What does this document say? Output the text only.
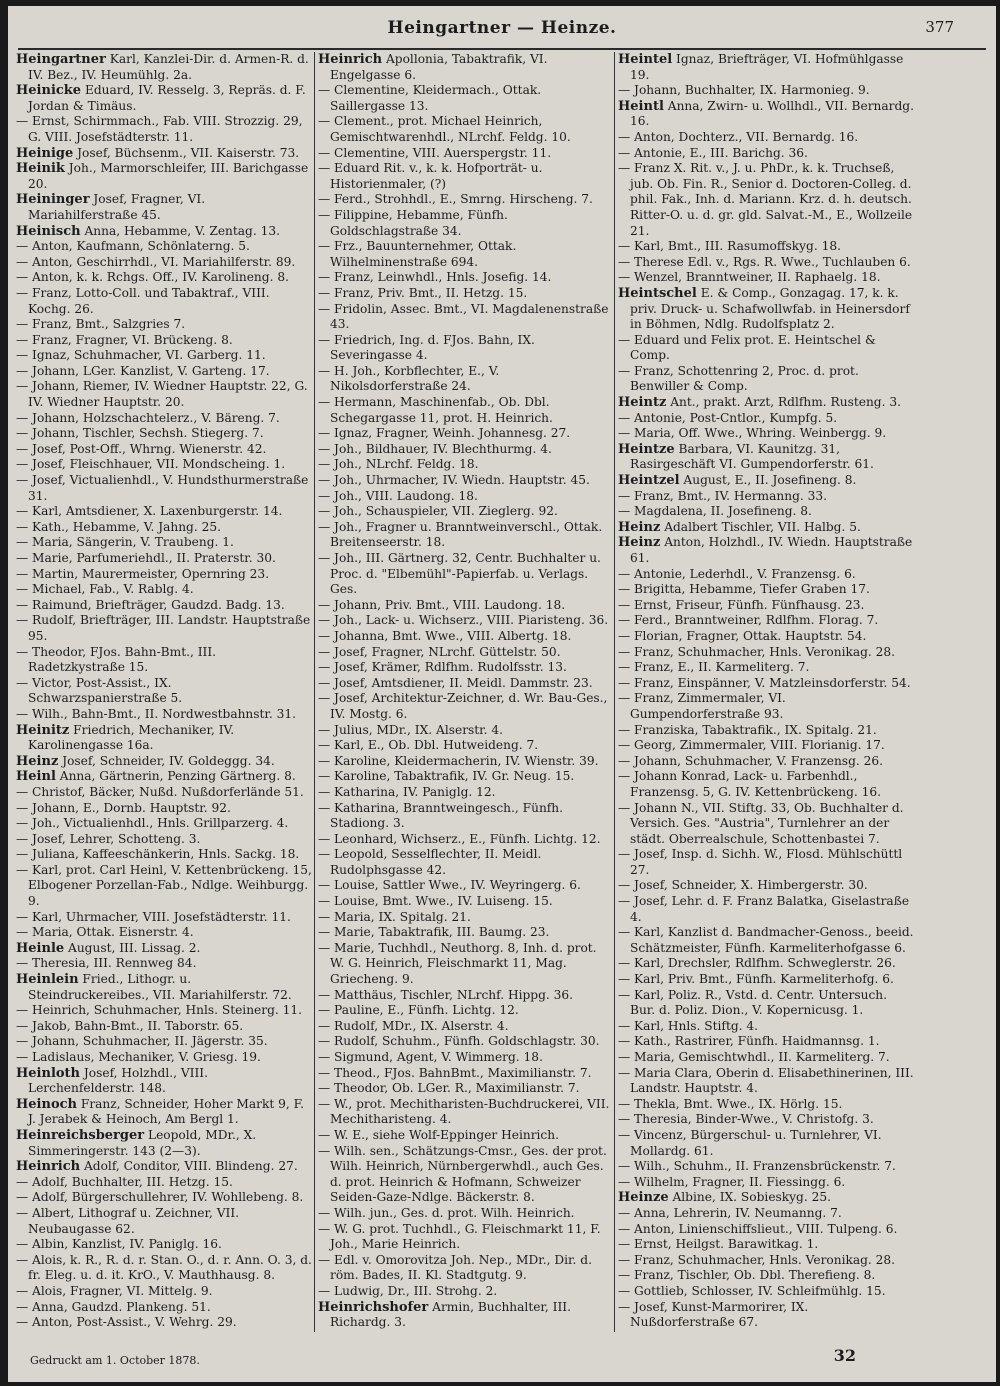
Heingartner — Heinze.	377

Heingartner Karl, Kanzlei-Dir. d. Armen-R. d. IV. Bez., IV. Heumühlg. 2a.

Heinicke Eduard, IV. Resselg. 3, Repräs. d. F. Jordan & Timäus.

— Ernst, Schirmmach., Fab. VIII. Strozzig. 29, G. VIII. Josefstädterstr. 11.

Heinige Josef, Büchsenm., VII. Kaiserstr. 73.

Heinik Joh., Marmorschleifer, III. Barichgasse 20.

Heininger Josef, Fragner, VI. Mariahilferstraße 45.

Heinisch Anna, Hebamme, V. Zentag. 13.

— Anton, Kaufmann, Schönlaterng. 5.

— Anton, Geschirrhdl., VI. Mariahilferstr. 89.

— Anton, k. k. Rchgs. Off., IV. Karolineng. 8.

— Franz, Lotto-Coll. und Tabaktraf., VIII. Kochg. 26.

— Franz, Bmt., Salzgries 7.

— Franz, Fragner, VI. Brückeng. 8.

— Ignaz, Schuhmacher, VI. Garberg. 11.

— Johann, LGer. Kanzlist, V. Garteng. 17.

— Johann, Riemer, IV. Wiedner Hauptstr. 22, G. IV. Wiedner Hauptstr. 20.

— Johann, Holzschachtelerz., V. Bäreng. 7.

— Johann, Tischler, Sechsh. Stiegerg. 7.

— Josef, Post-Off., Whrng. Wienerstr. 42.

— Josef, Fleischhauer, VII. Mondscheing. 1.

— Josef, Victualienhdl., V. Hundsthurmerstraße 31.

— Karl, Amtsdiener, X. Laxenburgerstr. 14.

— Kath., Hebamme, V. Jahng. 25.

— Maria, Sängerin, V. Traubeng. 1.

— Marie, Parfumeriehdl., II. Praterstr. 30.

— Martin, Maurermeister, Opernring 23.

— Michael, Fab., V. Rablg. 4.

— Raimund, Briefträger, Gaudzd. Badg. 13.

— Rudolf, Briefträger, III. Landstr. Hauptstraße 95.

— Theodor, FJos. Bahn-Bmt., III. Radetzkystraße 15.

— Victor, Post-Assist., IX. Schwarzspanierstraße 5.

— Wilh., Bahn-Bmt., II. Nordwestbahnstr. 31.

Heinitz Friedrich, Mechaniker, IV. Karolinengasse 16a.

Heinz Josef, Schneider, IV. Goldeggg. 34.

Heinl Anna, Gärtnerin, Penzing Gärtnerg. 8.

— Christof, Bäcker, Nußd. Nußdorferlände 51.

— Johann, E., Dornb. Hauptstr. 92.

— Joh., Victualienhdl., Hnls. Grillparzerg. 4.

— Josef, Lehrer, Schotteng. 3.

— Juliana, Kaffeeschänkerin, Hnls. Sackg. 18.

— Karl, prot. Carl Heinl, V. Kettenbrückeng. 15, Elbogener Porzellan-Fab., Ndlge. Weihburgg. 9.

— Karl, Uhrmacher, VIII. Josefstädterstr. 11.

— Maria, Ottak. Eisnerstr. 4.

Heinle August, III. Lissag. 2.

— Theresia, III. Rennweg 84.

Heinlein Fried., Lithogr. u. Steindruckereibes., VII. Mariahilferstr. 72.

— Heinrich, Schuhmacher, Hnls. Steinerg. 11.

— Jakob, Bahn-Bmt., II. Taborstr. 65.

— Johann, Schuhmacher, II. Jägerstr. 35.

— Ladislaus, Mechaniker, V. Griesg. 19.

Heinloth Josef, Holzhdl., VIII. Lerchenfelderstr. 148.

Heinoch Franz, Schneider, Hoher Markt 9, F. J. Jerabek & Heinoch, Am Bergl 1.

Heinreichsberger Leopold, MDr., X. Simmeringerstr. 143 (2—3).

Heinrich Adolf, Conditor, VIII. Blindeng. 27.

— Adolf, Buchhalter, III. Hetzg. 15.

— Adolf, Bürgerschullehrer, IV. Wohllebeng. 8.

— Albert, Lithograf u. Zeichner, VII. Neubaugasse 62.

— Albin, Kanzlist, IV. Paniglg. 16.

— Alois, k. R., R. d. r. Stan. O., d. r. Ann. O. 3, d. fr. Eleg. u. d. it. KrO., V. Mauthhausg. 8.

— Alois, Fragner, VI. Mittelg. 9.

— Anna, Gaudzd. Plankeng. 51.

— Anton, Post-Assist., V. Wehrg. 29.

Heinrich Apollonia, Tabaktrafik, VI. Engelgasse 6.

— Clementine, Kleidermach., Ottak. Saillergasse 13.

— Clement., prot. Michael Heinrich, Gemischtwarenhdl., NLrchf. Feldg. 10.

— Clementine, VIII. Auerspergstr. 11.

— Eduard Rit. v., k. k. Hofporträt- u. Historienmaler, (?)

— Ferd., Strohhdl., E., Smrng. Hirscheng. 7.

— Filippine, Hebamme, Fünfh. Goldschlagstraße 34.

— Frz., Bauunternehmer, Ottak. Wilhelminenstraße 694.

— Franz, Leinwhdl., Hnls. Josefig. 14.

— Franz, Priv. Bmt., II. Hetzg. 15.

— Fridolin, Assec. Bmt., VI. Magdalenenstraße 43.

— Friedrich, Ing. d. FJos. Bahn, IX. Severingasse 4.

— H. Joh., Korbflechter, E., V. Nikolsdorferstraße 24.

— Hermann, Maschinenfab., Ob. Dbl. Schegargasse 11, prot. H. Heinrich.

— Ignaz, Fragner, Weinh. Johannesg. 27.

— Joh., Bildhauer, IV. Blechthurmg. 4.

— Joh., NLrchf. Feldg. 18.

— Joh., Uhrmacher, IV. Wiedn. Hauptstr. 45.

— Joh., VIII. Laudong. 18.

— Joh., Schauspieler, VII. Zieglerg. 92.

— Joh., Fragner u. Branntweinverschl., Ottak. Breitenseerstr. 18.

— Joh., III. Gärtnerg. 32, Centr. Buchhalter u. Proc. d. "Elbemühl"-Papierfab. u. Verlags. Ges.

— Johann, Priv. Bmt., VIII. Laudong. 18.

— Joh., Lack- u. Wichserz., VIII. Piaristeng. 36.

— Johanna, Bmt. Wwe., VIII. Albertg. 18.

— Josef, Fragner, NLrchf. Güttelstr. 50.

— Josef, Krämer, Rdlfhm. Rudolfsstr. 13.

— Josef, Amtsdiener, II. Meidl. Dammstr. 23.

— Josef, Architektur-Zeichner, d. Wr. Bau-Ges., IV. Mostg. 6.

— Julius, MDr., IX. Alserstr. 4.

— Karl, E., Ob. Dbl. Hutweideng. 7.

— Karoline, Kleidermacherin, IV. Wienstr. 39.

— Karoline, Tabaktrafik, IV. Gr. Neug. 15.

— Katharina, IV. Paniglg. 12.

— Katharina, Branntweingesch., Fünfh. Stadiong. 3.

— Leonhard, Wichserz., E., Fünfh. Lichtg. 12.

— Leopold, Sesselflechter, II. Meidl. Rudolphsgasse 42.

— Louise, Sattler Wwe., IV. Weyringerg. 6.

— Louise, Bmt. Wwe., IV. Luiseng. 15.

— Maria, IX. Spitalg. 21.

— Marie, Tabaktrafik, III. Baumg. 23.

— Marie, Tuchhdl., Neuthorg. 8, Inh. d. prot. W. G. Heinrich, Fleischmarkt 11, Mag. Griecheng. 9.

— Matthäus, Tischler, NLrchf. Hippg. 36.

— Pauline, E., Fünfh. Lichtg. 12.

— Rudolf, MDr., IX. Alserstr. 4.

— Rudolf, Schuhm., Fünfh. Goldschlagstr. 30.

— Sigmund, Agent, V. Wimmerg. 18.

— Theod., FJos. BahnBmt., Maximilianstr. 7.

— Theodor, Ob. LGer. R., Maximilianstr. 7.

— W., prot. Mechitharisten-Buchdruckerei, VII. Mechitharisteng. 4.

— W. E., siehe Wolf-Eppinger Heinrich.

— Wilh. sen., Schätzungs-Cmsr., Ges. der prot. Wilh. Heinrich, Nürnbergerwhdl., auch Ges. d. prot. Heinrich & Hofmann, Schweizer Seiden-Gaze-Ndlge. Bäckerstr. 8.

— Wilh. jun., Ges. d. prot. Wilh. Heinrich.

— W. G. prot. Tuchhdl., G. Fleischmarkt 11, F. Joh., Marie Heinrich.

— Edl. v. Omorovitza Joh. Nep., MDr., Dir. d. röm. Bades, II. Kl. Stadtgutg. 9.

— Ludwig, Dr., III. Strohg. 2.

Heinrichshofer Armin, Buchhalter, III. Richardg. 3.

Heintel Ignaz, Briefträger, VI. Hofmühlgasse 19.

— Johann, Buchhalter, IX. Harmonieg. 9.

Heintl Anna, Zwirn- u. Wollhdl., VII. Bernardg. 16.

— Anton, Dochterz., VII. Bernardg. 16.

— Antonie, E., III. Barichg. 36.

— Franz X. Rit. v., J. u. PhDr., k. k. Truchseß, jub. Ob. Fin. R., Senior d. Doctoren-Colleg. d. phil. Fak., Inh. d. Mariann. Krz. d. h. deutsch. Ritter-O. u. d. gr. gld. Salvat.-M., E., Wollzeile 21.

— Karl, Bmt., III. Rasumoffskyg. 18.

— Therese Edl. v., Rgs. R. Wwe., Tuchlauben 6.

— Wenzel, Branntweiner, II. Raphaelg. 18.

Heintschel E. & Comp., Gonzagag. 17, k. k. priv. Druck- u. Schafwollwfab. in Heinersdorf in Böhmen, Ndlg. Rudolfsplatz 2.

— Eduard und Felix prot. E. Heintschel & Comp.

— Franz, Schottenring 2, Proc. d. prot. Benwiller & Comp.

Heintz Ant., prakt. Arzt, Rdlfhm. Rusteng. 3.

— Antonie, Post-Cntlor., Kumpfg. 5.

— Maria, Off. Wwe., Whring. Weinbergg. 9.

Heintze Barbara, VI. Kaunitzg. 31, Rasirgeschäft VI. Gumpendorferstr. 61.

Heintzel August, E., II. Josefineng. 8.

— Franz, Bmt., IV. Hermanng. 33.

— Magdalena, II. Josefineng. 8.

Heinz Adalbert Tischler, VII. Halbg. 5.

Heinz Anton, Holzhdl., IV. Wiedn. Hauptstraße 61.

— Antonie, Lederhdl., V. Franzensg. 6.

— Brigitta, Hebamme, Tiefer Graben 17.

— Ernst, Friseur, Fünfh. Fünfhausg. 23.

— Ferd., Branntweiner, Rdlfhm. Florag. 7.

— Florian, Fragner, Ottak. Hauptstr. 54.

— Franz, Schuhmacher, Hnls. Veronikag. 28.

— Franz, E., II. Karmeliterg. 7.

— Franz, Einspänner, V. Matzleinsdorferstr. 54.

— Franz, Zimmermaler, VI. Gumpendorferstraße 93.

— Franziska, Tabaktrafik., IX. Spitalg. 21.

— Georg, Zimmermaler, VIII. Florianig. 17.

— Johann, Schuhmacher, V. Franzensg. 26.

— Johann Konrad, Lack- u. Farbenhdl., Franzensg. 5, G. IV. Kettenbrückeng. 16.

— Johann N., VII. Stiftg. 33, Ob. Buchhalter d. Versich. Ges. "Austria", Turnlehrer an der städt. Oberrealschule, Schottenbastei 7.

— Josef, Insp. d. Sichh. W., Flosd. Mühlschüttl 27.

— Josef, Schneider, X. Himbergerstr. 30.

— Josef, Lehr. d. F. Franz Balatka, Giselastraße 4.

— Karl, Kanzlist d. Bandmacher-Genoss., beeid. Schätzmeister, Fünfh. Karmeliterhofgasse 6.

— Karl, Drechsler, Rdlfhm. Schweglerstr. 26.

— Karl, Priv. Bmt., Fünfh. Karmeliterhofg. 6.

— Karl, Poliz. R., Vstd. d. Centr. Untersuch. Bur. d. Poliz. Dion., V. Kopernicusg. 1.

— Karl, Hnls. Stiftg. 4.

— Kath., Rastrirer, Fünfh. Haidmannsg. 1.

— Maria, Gemischtwhdl., II. Karmeliterg. 7.

— Maria Clara, Oberin d. Elisabethinerinen, III. Landstr. Hauptstr. 4.

— Thekla, Bmt. Wwe., IX. Hörlg. 15.

— Theresia, Binder-Wwe., V. Christofg. 3.

— Vincenz, Bürgerschul- u. Turnlehrer, VI. Mollardg. 61.

— Wilh., Schuhm., II. Franzensbrückenstr. 7.

— Wilhelm, Fragner, II. Fiessingg. 6.

Heinze Albine, IX. Sobieskyg. 25.

— Anna, Lehrerin, IV. Neumanng. 7.

— Anton, Linienschiffslieut., VIII. Tulpeng. 6.

— Ernst, Heilgst. Barawitkag. 1.

— Franz, Schuhmacher, Hnls. Veronikag. 28.

— Franz, Tischler, Ob. Dbl. Therefieng. 8.

— Gottlieb, Schlosser, IV. Schleifmühlg. 15.

— Josef, Kunst-Marmorirer, IX. Nußdorferstraße 67.

Gedruckt am 1. October 1878.	32
